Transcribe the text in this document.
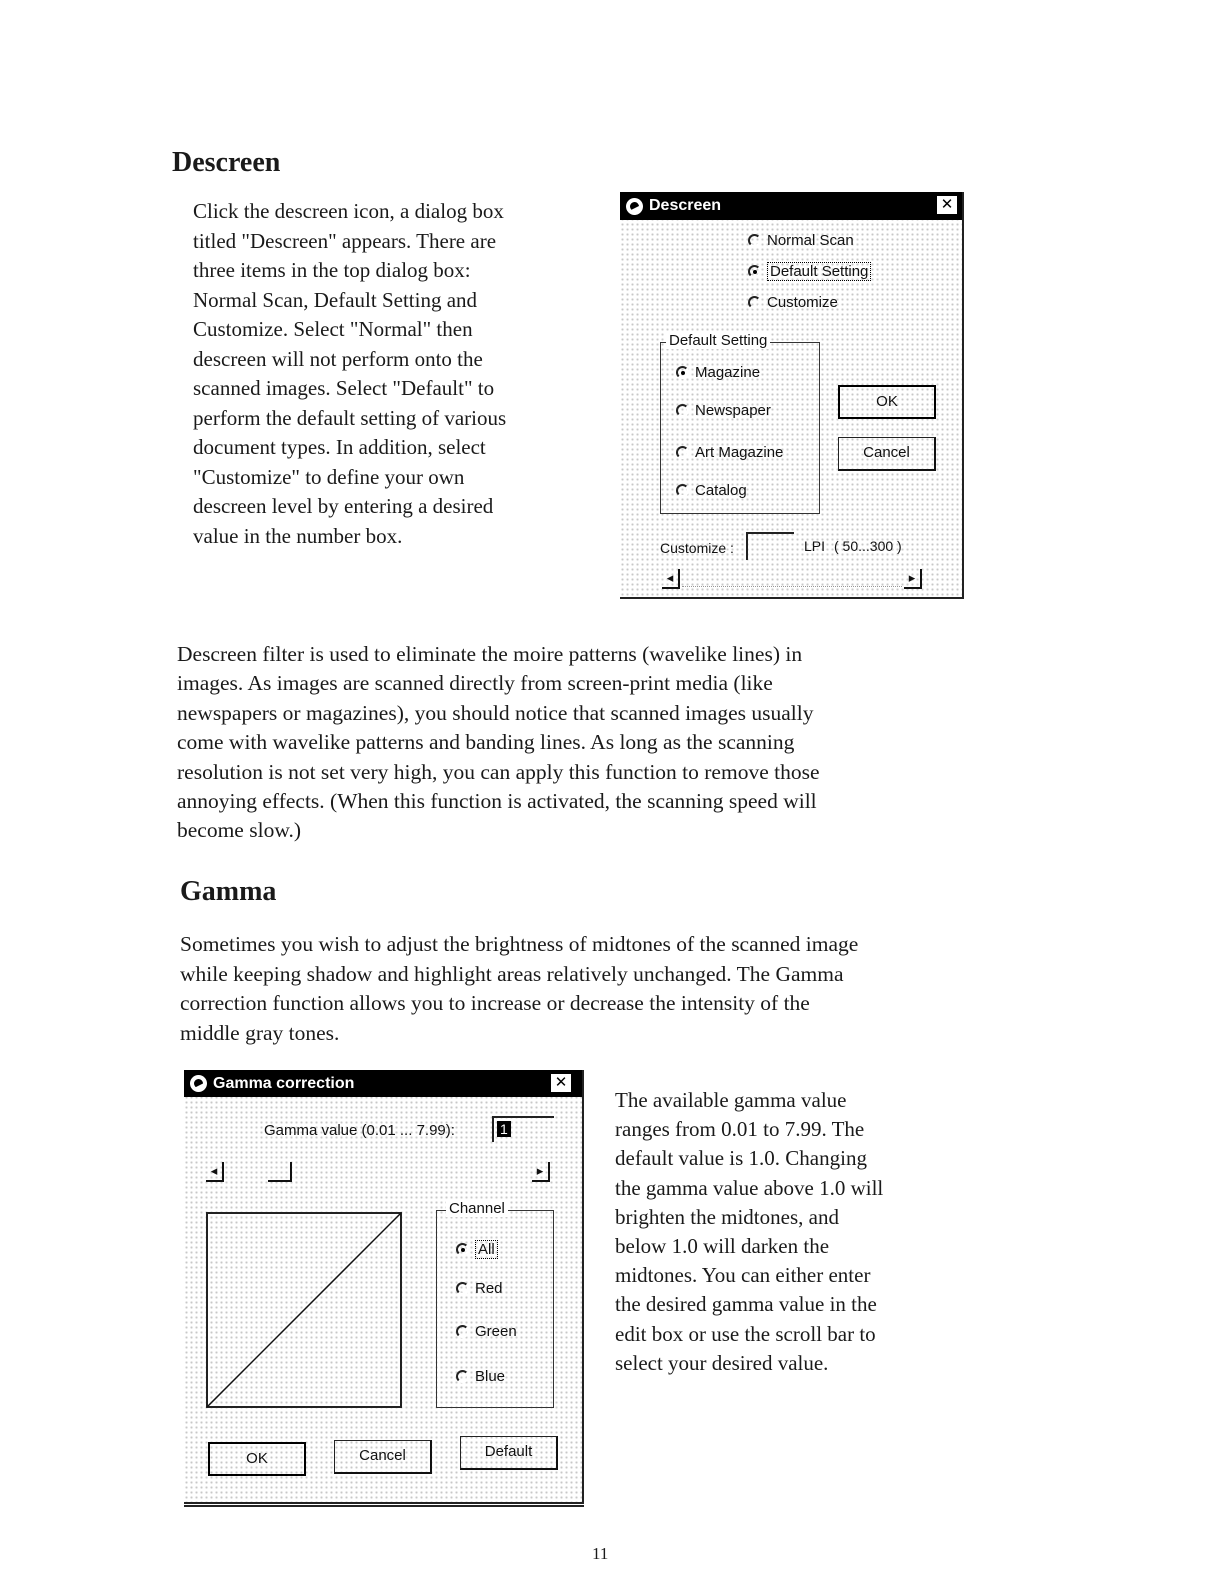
Descreen
Click the descreen icon, a dialog box
titled "Descreen" appears. There are
three items in the top dialog box:
Normal Scan, Default Setting and
Customize. Select "Normal" then
descreen will not perform onto the
scanned images. Select "Default" to
perform the default setting of various
document types. In addition, select
"Customize" to define your own
descreen level by entering a desired
value in the number box.
Descreen	✕
Normal Scan
Default Setting
Customize
Default Setting
Magazine
Newspaper
Art Magazine
Catalog
OK
Cancel
Customize :	LPI ( 50...300 )
◂	▸
Descreen filter is used to eliminate the moire patterns (wavelike lines) in
images. As images are scanned directly from screen-print media (like
newspapers or magazines), you should notice that scanned images usually
come with wavelike patterns and banding lines. As long as the scanning
resolution is not set very high, you can apply this function to remove those
annoying effects. (When this function is activated, the scanning speed will
become slow.)
Gamma
Sometimes you wish to adjust the brightness of midtones of the scanned image
while keeping shadow and highlight areas relatively unchanged. The Gamma
correction function allows you to increase or decrease the intensity of the
middle gray tones.
Gamma correction	✕
Gamma value (0.01 ... 7.99):	1
◂	▸
Channel
All
Red
Green
Blue
OK	Cancel	Default
The available gamma value
ranges from 0.01 to 7.99. The
default value is 1.0. Changing
the gamma value above 1.0 will
brighten the midtones, and
below 1.0 will darken the
midtones. You can either enter
the desired gamma value in the
edit box or use the scroll bar to
select your desired value.
11
